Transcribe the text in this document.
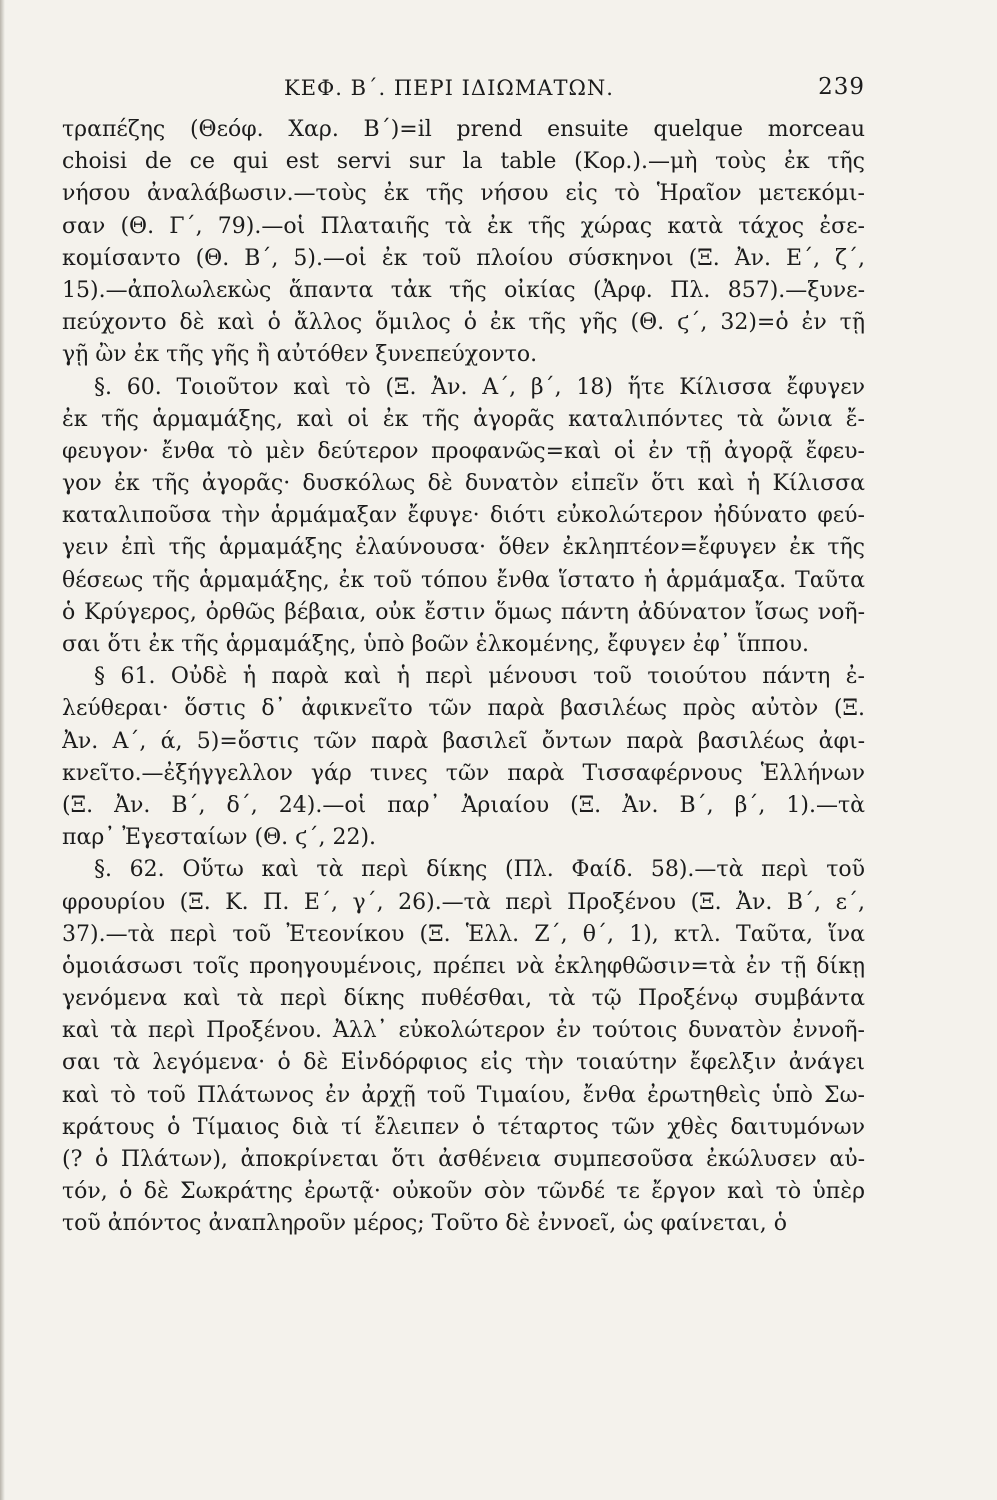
ΚΕΦ. Β΄. ΠΕΡΙ ΙΔΙΩΜΑΤΩΝ.	239
τραπέζης (Θεόφ. Χαρ. Β΄)=il prend ensuite quelque morceau
choisi de ce qui est servi sur la table (Κορ.).—μὴ τοὺς ἐκ τῆς
νήσου ἀναλάβωσιν.—τοὺς ἐκ τῆς νήσου εἰς τὸ Ἡραῖον μετεκόμι-
σαν (Θ. Γ΄, 79).—οἱ Πλαταιῆς τὰ ἐκ τῆς χώρας κατὰ τάχος ἐσε-
κομίσαντο (Θ. Β΄, 5).—οἱ ἐκ τοῦ πλοίου σύσκηνοι (Ξ. Ἀν. Ε΄, ζ΄,
15).—ἀπολωλεκὼς ἅπαντα τἀκ τῆς οἰκίας (Ἀρφ. Πλ. 857).—ξυνε-
πεύχοντο δὲ καὶ ὁ ἄλλος ὅμιλος ὁ ἐκ τῆς γῆς (Θ. ϛ΄, 32)=ὁ ἐν τῇ
γῇ ὢν ἐκ τῆς γῆς ἢ αὐτόθεν ξυνεπεύχοντο.
§. 60. Τοιοῦτον καὶ τὸ (Ξ. Ἀν. Α΄, β΄, 18) ἥτε Κίλισσα ἔφυγεν
ἐκ τῆς ἁρμαμάξης, καὶ οἱ ἐκ τῆς ἀγορᾶς καταλιπόντες τὰ ὤνια ἔ-
φευγον· ἔνθα τὸ μὲν δεύτερον προφανῶς=καὶ οἱ ἐν τῇ ἀγορᾷ ἔφευ-
γον ἐκ τῆς ἀγορᾶς· δυσκόλως δὲ δυνατὸν εἰπεῖν ὅτι καὶ ἡ Κίλισσα
καταλιποῦσα τὴν ἁρμάμαξαν ἔφυγε· διότι εὐκολώτερον ἠδύνατο φεύ-
γειν ἐπὶ τῆς ἁρμαμάξης ἐλαύνουσα· ὅθεν ἐκληπτέον=ἔφυγεν ἐκ τῆς
θέσεως τῆς ἁρμαμάξης, ἐκ τοῦ τόπου ἔνθα ἵστατο ἡ ἁρμάμαξα. Ταῦτα
ὁ Κρύγερος, ὀρθῶς βέβαια, οὐκ ἔστιν ὅμως πάντη ἀδύνατον ἴσως νοῆ-
σαι ὅτι ἐκ τῆς ἁρμαμάξης, ὑπὸ βοῶν ἑλκομένης, ἔφυγεν ἐφ᾽ ἵππου.
§ 61. Οὐδὲ ἡ παρὰ καὶ ἡ περὶ μένουσι τοῦ τοιούτου πάντη ἐ-
λεύθεραι· ὅστις δ᾽ ἀφικνεῖτο τῶν παρὰ βασιλέως πρὸς αὐτὸν (Ξ.
Ἀν. Α΄, ά, 5)=ὅστις τῶν παρὰ βασιλεῖ ὄντων παρὰ βασιλέως ἀφι-
κνεῖτο.—ἐξήγγελλον γάρ τινες τῶν παρὰ Τισσαφέρνους Ἑλλήνων
(Ξ. Ἀν. Β΄, δ΄, 24).—οἱ παρ᾽ Ἀριαίου (Ξ. Ἀν. Β΄, β΄, 1).—τὰ
παρ᾽ Ἐγεσταίων (Θ. ϛ΄, 22).
§. 62. Οὕτω καὶ τὰ περὶ δίκης (Πλ. Φαίδ. 58).—τὰ περὶ τοῦ
φρουρίου (Ξ. Κ. Π. Ε΄, γ΄, 26).—τὰ περὶ Προξένου (Ξ. Ἀν. Β΄, ε΄,
37).—τὰ περὶ τοῦ Ἐτεονίκου (Ξ. Ἑλλ. Ζ΄, θ΄, 1), κτλ. Ταῦτα, ἵνα
ὁμοιάσωσι τοῖς προηγουμένοις, πρέπει νὰ ἐκληφθῶσιν=τὰ ἐν τῇ δίκῃ
γενόμενα καὶ τὰ περὶ δίκης πυθέσθαι, τὰ τῷ Προξένῳ συμβάντα
καὶ τὰ περὶ Προξένου. Ἀλλ᾽ εὐκολώτερον ἐν τούτοις δυνατὸν ἐννοῆ-
σαι τὰ λεγόμενα· ὁ δὲ Εἰνδόρφιος εἰς τὴν τοιαύτην ἔφελξιν ἀνάγει
καὶ τὸ τοῦ Πλάτωνος ἐν ἀρχῇ τοῦ Τιμαίου, ἔνθα ἐρωτηθεὶς ὑπὸ Σω-
κράτους ὁ Τίμαιος διὰ τί ἔλειπεν ὁ τέταρτος τῶν χθὲς δαιτυμόνων
(? ὁ Πλάτων), ἀποκρίνεται ὅτι ἀσθένεια συμπεσοῦσα ἐκώλυσεν αὐ-
τόν, ὁ δὲ Σωκράτης ἐρωτᾷ· οὐκοῦν σὸν τῶνδέ τε ἔργον καὶ τὸ ὑπὲρ
τοῦ ἀπόντος ἀναπληροῦν μέρος; Τοῦτο δὲ ἐννοεῖ, ὡς φαίνεται, ὁ
